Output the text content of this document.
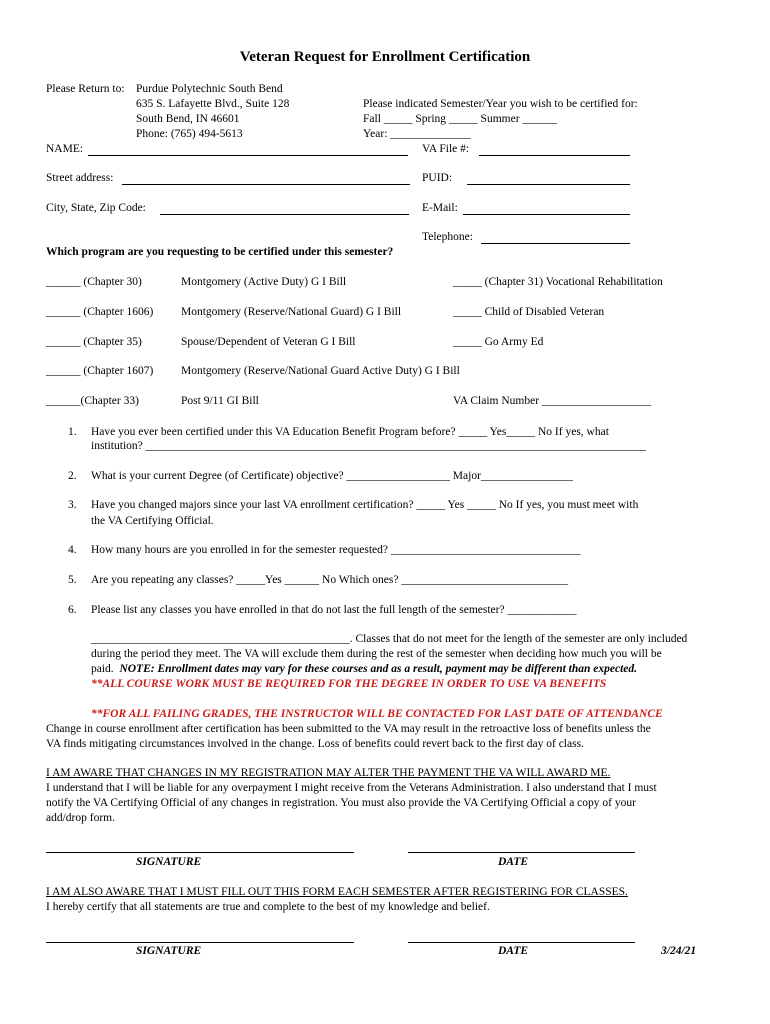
Veteran Request for Enrollment Certification
Please Return to: Purdue Polytechnic South Bend
635 S. Lafayette Blvd., Suite 128
South Bend, IN 46601
Phone: (765) 494-5613
Please indicated Semester/Year you wish to be certified for:
Fall _____ Spring _____ Summer ______
Year: ______________
NAME:	VA File #:
Street address:	PUID:
City, State, Zip Code:	E-Mail:
Telephone:
Which program are you requesting to be certified under this semester?
______ (Chapter 30)	Montgomery (Active Duty) G I Bill	_____ (Chapter 31) Vocational Rehabilitation
______ (Chapter 1606) Montgomery (Reserve/National Guard) G I Bill	_____ Child of Disabled Veteran
______ (Chapter 35)	Spouse/Dependent of Veteran G I Bill	_____ Go Army Ed
______ (Chapter 1607) Montgomery (Reserve/National Guard Active Duty) G I Bill
______(Chapter 33)	Post 9/11 GI Bill	VA Claim Number ___________________
1. Have you ever been certified under this VA Education Benefit Program before? _____ Yes_____ No If yes, what
institution? _______________________________________________________________________________________
2. What is your current Degree (of Certificate) objective? __________________ Major________________
3. Have you changed majors since your last VA enrollment certification? _____ Yes _____ No If yes, you must meet with
the VA Certifying Official.
4. How many hours are you enrolled in for the semester requested? _________________________________
5. Are you repeating any classes? _____Yes ______ No Which ones? _____________________________
6. Please list any classes you have enrolled in that do not last the full length of the semester? ____________
_____________________________________________. Classes that do not meet for the length of the semester are only included
during the period they meet. The VA will exclude them during the rest of the semester when deciding how much you will be
paid. NOTE: Enrollment dates may vary for these courses and as a result, payment may be different than expected.
**ALL COURSE WORK MUST BE REQUIRED FOR THE DEGREE IN ORDER TO USE VA BENEFITS
**FOR ALL FAILING GRADES, THE INSTRUCTOR WILL BE CONTACTED FOR LAST DATE OF ATTENDANCE
Change in course enrollment after certification has been submitted to the VA may result in the retroactive loss of benefits unless the
VA finds mitigating circumstances involved in the change. Loss of benefits could revert back to the first day of class.
I AM AWARE THAT CHANGES IN MY REGISTRATION MAY ALTER THE PAYMENT THE VA WILL AWARD ME.
I understand that I will be liable for any overpayment I might receive from the Veterans Administration. I also understand that I must
notify the VA Certifying Official of any changes in registration. You must also provide the VA Certifying Official a copy of your
add/drop form.
SIGNATURE	DATE
I AM ALSO AWARE THAT I MUST FILL OUT THIS FORM EACH SEMESTER AFTER REGISTERING FOR CLASSES.
I hereby certify that all statements are true and complete to the best of my knowledge and belief.
SIGNATURE	DATE	3/24/21
